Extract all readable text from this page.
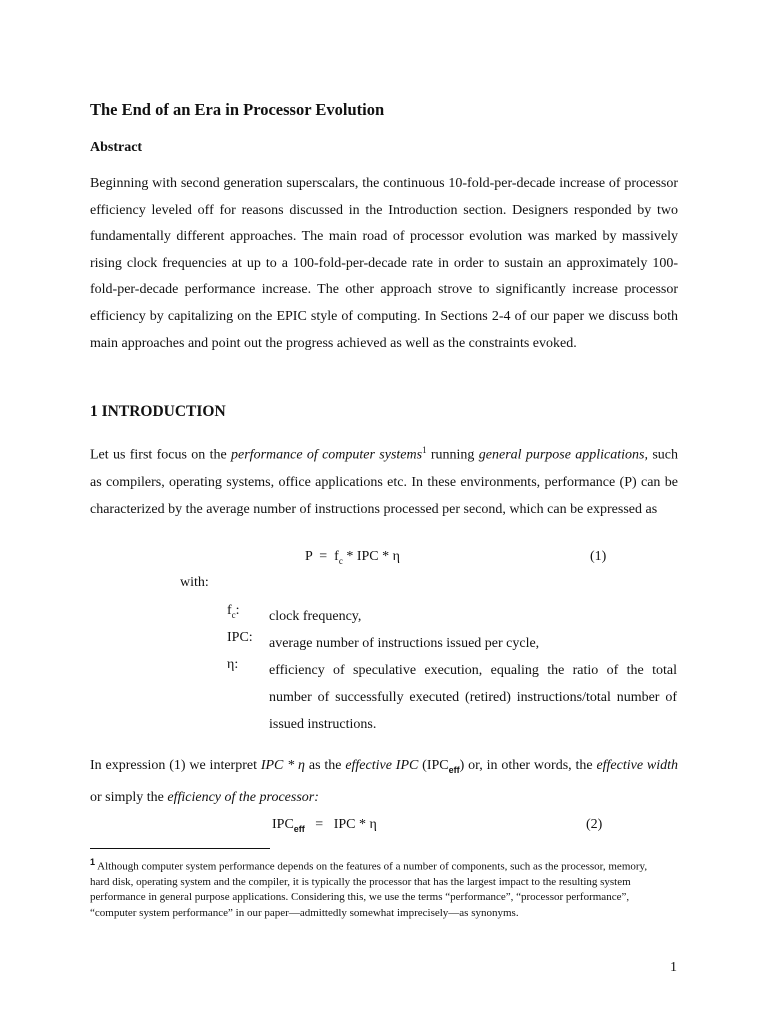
The End of an Era in Processor Evolution
Abstract

Beginning with second generation superscalars, the continuous 10-fold-per-decade increase of processor efficiency leveled off for reasons discussed in the Introduction section. Designers responded by two fundamentally different approaches. The main road of processor evolution was marked by massively rising clock frequencies at up to a 100-fold-per-decade rate in order to sustain an approximately 100-fold-per-decade performance increase. The other approach strove to significantly increase processor efficiency by capitalizing on the EPIC style of computing. In Sections 2-4 of our paper we discuss both main approaches and point out the progress achieved as well as the constraints evoked.

1 INTRODUCTION

Let us first focus on the performance of computer systems$^1$ running general purpose applications, such as compilers, operating systems, office applications etc. In these environments, performance (P) can be characterized by the average number of instructions processed per second, which can be expressed as

$P = f_c$ * IPC * η	(1)
with:
$f_c$:	clock frequency,
IPC:	average number of instructions issued per cycle,
η:	efficiency of speculative execution, equaling the ratio of the total number of successfully executed (retired) instructions/total number of issued instructions.

In expression (1) we interpret IPC * η as the effective IPC $(IPC_{eff})$ or, in other words, the effective width or simply the efficiency of the processor:

$IPC_{eff}$   =   IPC * η	(2)

$^1$ Although computer system performance depends on the features of a number of components, such as the processor, memory, hard disk, operating system and the compiler, it is typically the processor that has the largest impact to the resulting system performance in general purpose applications. Considering this, we use the terms “performance”, “processor performance”, “computer system performance” in our paper—admittedly somewhat imprecisely—as synonyms.

1
